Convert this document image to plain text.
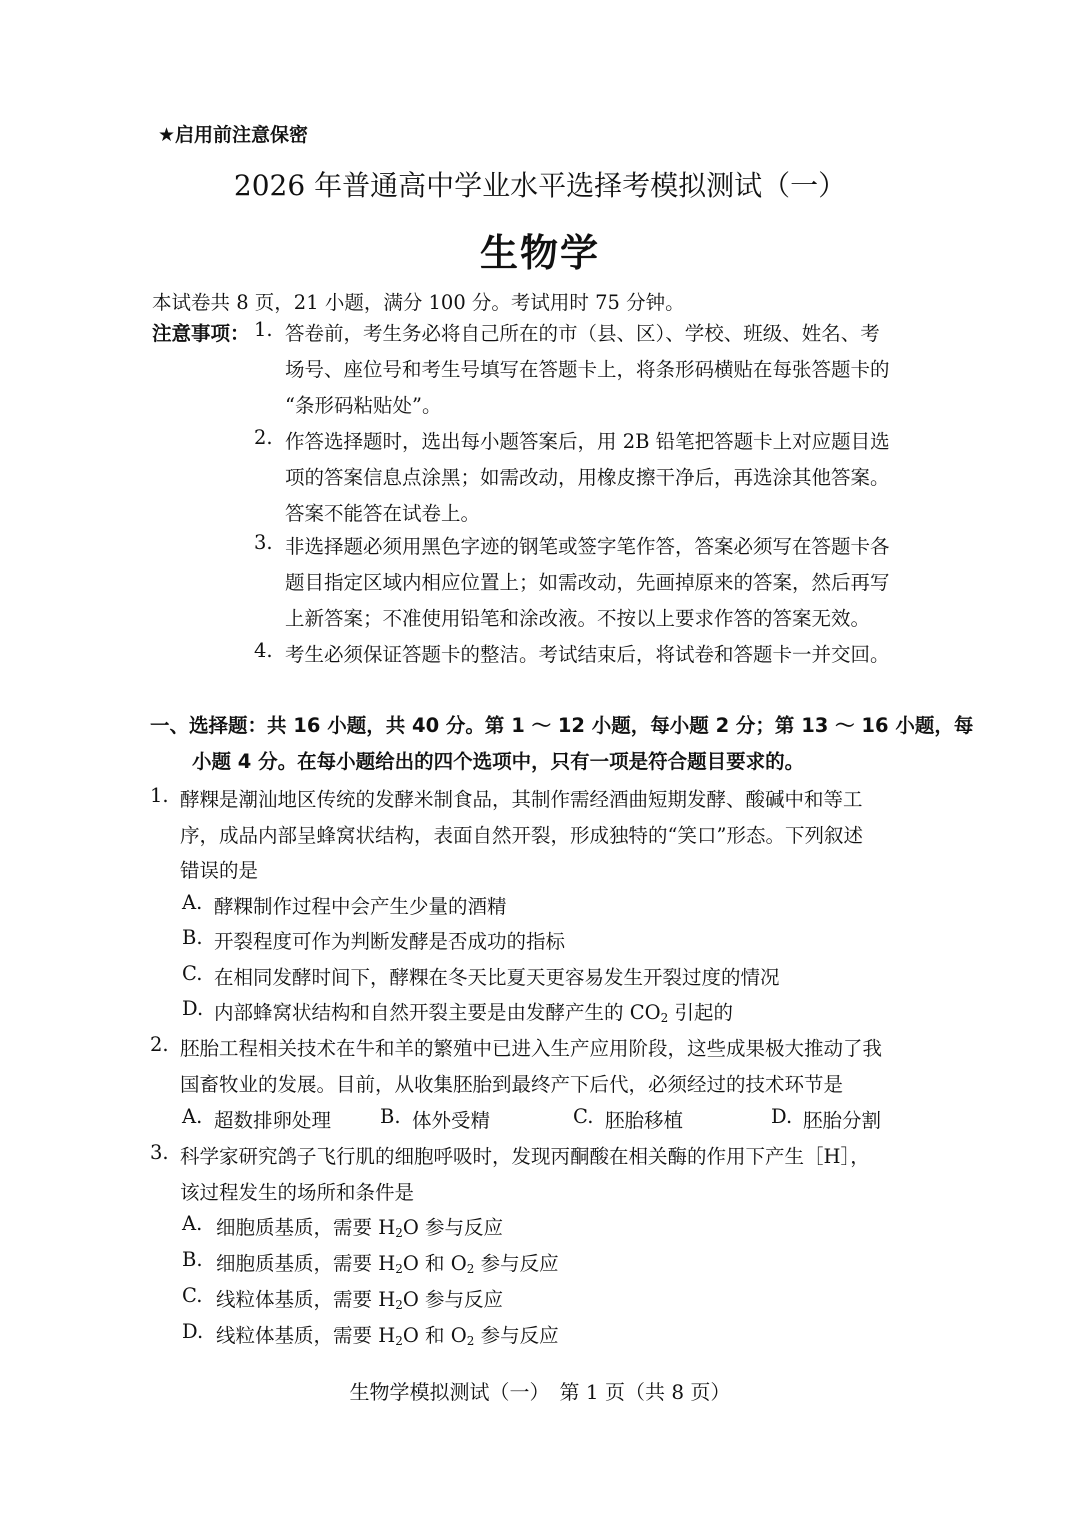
★启用前注意保密
2026 年普通高中学业水平选择考模拟测试（一）
生物学
本试卷共 8 页，21 小题，满分 100 分。考试用时 75 分钟。
注意事项： 1. 答卷前，考生务必将自己所在的市（县、区）、学校、班级、姓名、考
场号、座位号和考生号填写在答题卡上，将条形码横贴在每张答题卡的
“条形码粘贴处”。
2. 作答选择题时，选出每小题答案后，用 2B 铅笔把答题卡上对应题目选
项的答案信息点涂黑；如需改动，用橡皮擦干净后，再选涂其他答案。
答案不能答在试卷上。
3. 非选择题必须用黑色字迹的钢笔或签字笔作答，答案必须写在答题卡各
题目指定区域内相应位置上；如需改动，先画掉原来的答案，然后再写
上新答案；不准使用铅笔和涂改液。不按以上要求作答的答案无效。
4. 考生必须保证答题卡的整洁。考试结束后，将试卷和答题卡一并交回。
一、选择题：共 16 小题，共 40 分。第 1 ～ 12 小题，每小题 2 分；第 13 ～ 16 小题，每
小题 4 分。在每小题给出的四个选项中，只有一项是符合题目要求的。
1. 酵粿是潮汕地区传统的发酵米制食品，其制作需经酒曲短期发酵、酸碱中和等工
序，成品内部呈蜂窝状结构，表面自然开裂，形成独特的“笑口”形态。下列叙述
错误的是
A. 酵粿制作过程中会产生少量的酒精
B. 开裂程度可作为判断发酵是否成功的指标
C. 在相同发酵时间下，酵粿在冬天比夏天更容易发生开裂过度的情况
D. 内部蜂窝状结构和自然开裂主要是由发酵产生的 $CO_2$ 引起的
2. 胚胎工程相关技术在牛和羊的繁殖中已进入生产应用阶段，这些成果极大推动了我
国畜牧业的发展。目前，从收集胚胎到最终产下后代，必须经过的技术环节是
A. 超数排卵处理	B. 体外受精	C. 胚胎移植	D. 胚胎分割
3. 科学家研究鸽子飞行肌的细胞呼吸时，发现丙酮酸在相关酶的作用下产生［H］，
该过程发生的场所和条件是
A. 细胞质基质，需要 $H_2O$ 参与反应
B. 细胞质基质，需要 $H_2O$ 和 $O_2$ 参与反应
C. 线粒体基质，需要 $H_2O$ 参与反应
D. 线粒体基质，需要 $H_2O$ 和 $O_2$ 参与反应
生物学模拟测试（一）　第 1 页（共 8 页）
